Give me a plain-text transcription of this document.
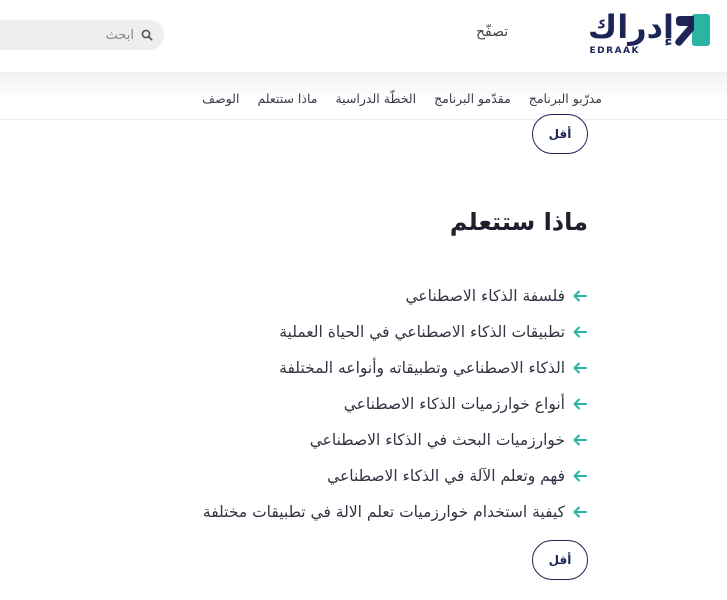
ابحث
تصفّح إدراك
EDRAAK
الوصف ماذا ستتعلم الخطّة الدراسية مقدّمو البرنامج مدرّبو البرنامج
أقل
ماذا ستتعلم
فلسفة الذكاء الاصطناعي
تطبيقات الذكاء الاصطناعي في الحياة العملية
الذكاء الاصطناعي وتطبيقاته وأنواعه المختلفة
أنواع خوارزميات الذكاء الاصطناعي
خوارزميات البحث في الذكاء الاصطناعي
فهم وتعلم الآلة في الذكاء الاصطناعي
كيفية استخدام خوارزميات تعلم الالة في تطبيقات مختلفة
أقل
